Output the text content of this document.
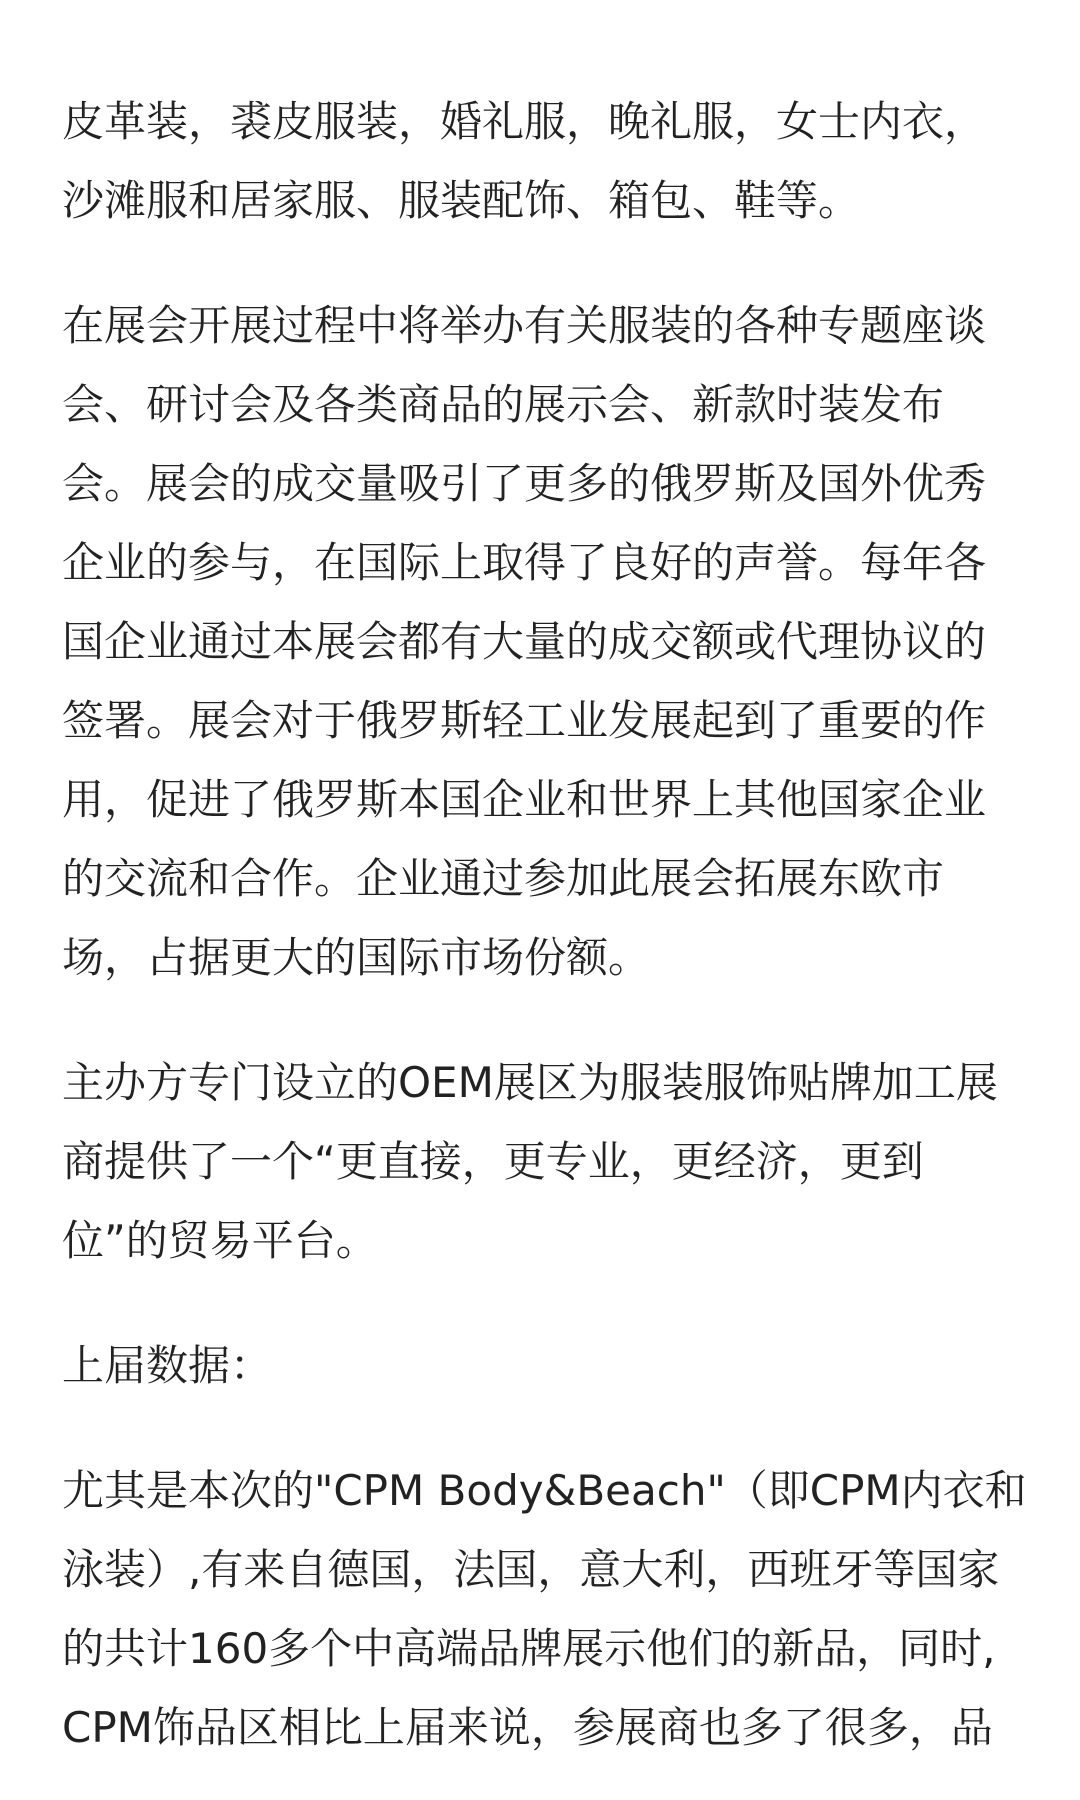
皮革装，裘皮服装，婚礼服，晚礼服，女士内衣，
沙滩服和居家服、服装配饰、箱包、鞋等。
在展会开展过程中将举办有关服装的各种专题座谈
会、研讨会及各类商品的展示会、新款时装发布
会。展会的成交量吸引了更多的俄罗斯及国外优秀
企业的参与，在国际上取得了良好的声誉。每年各
国企业通过本展会都有大量的成交额或代理协议的
签署。展会对于俄罗斯轻工业发展起到了重要的作
用，促进了俄罗斯本国企业和世界上其他国家企业
的交流和合作。企业通过参加此展会拓展东欧市
场，占据更大的国际市场份额。
主办方专门设立的OEM展区为服装服饰贴牌加工展
商提供了一个“更直接，更专业，更经济，更到
位”的贸易平台。
上届数据：
尤其是本次的"CPM Body&Beach"（即CPM内衣和
泳装）,有来自德国，法国，意大利，西班牙等国家
的共计160多个中高端品牌展示他们的新品，同时,
CPM饰品区相比上届来说，参展商也多了很多，品
